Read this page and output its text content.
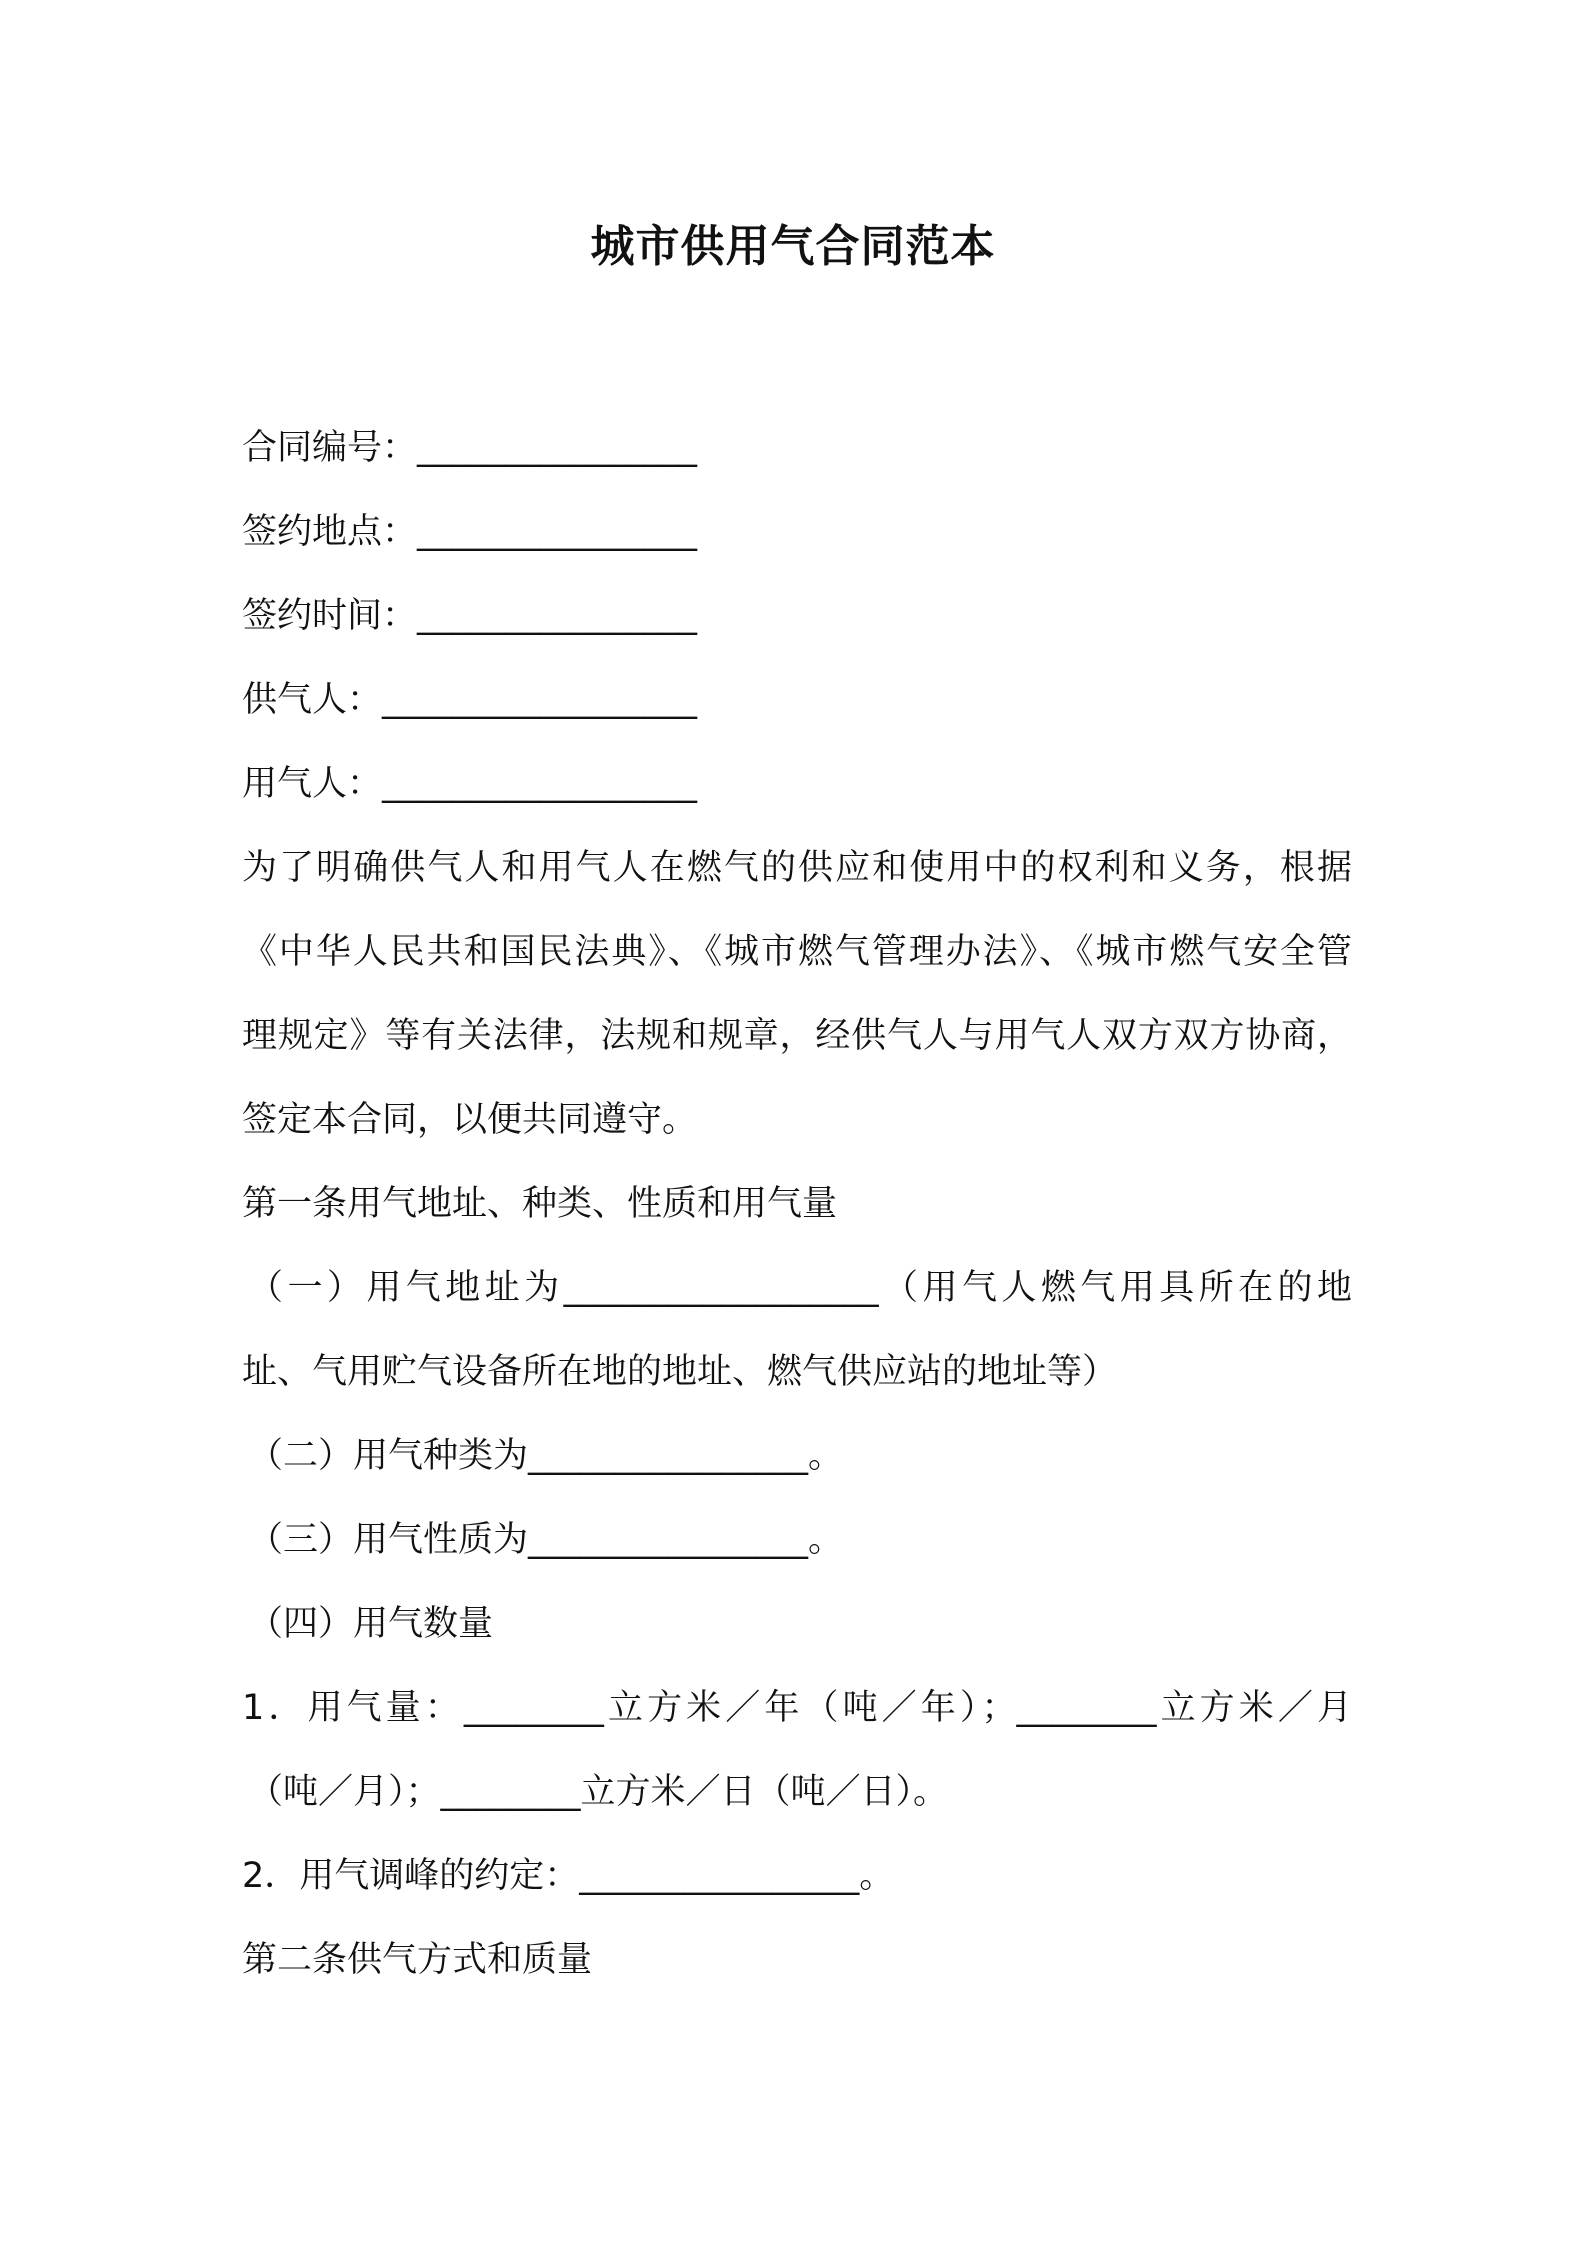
城市供用气合同范本
合同编号：________________
签约地点：________________
签约时间：________________
供气人：__________________
用气人：__________________
为了明确供气人和用气人在燃气的供应和使用中的权利和义务，根据
《中华人民共和国民法典》、《城市燃气管理办法》、《城市燃气安全管
理规定》等有关法律，法规和规章，经供气人与用气人双方双方协商，
签定本合同，以便共同遵守。
第一条用气地址、种类、性质和用气量
（一）用气地址为__________________（用气人燃气用具所在的地
址、气用贮气设备所在地的地址、燃气供应站的地址等）
（二）用气种类为________________。
（三）用气性质为________________。
（四）用气数量
1．用气量：________立方米／年（吨／年）；________立方米／月
（吨／月）；________立方米／日（吨／日）。
2．用气调峰的约定：________________。
第二条供气方式和质量
